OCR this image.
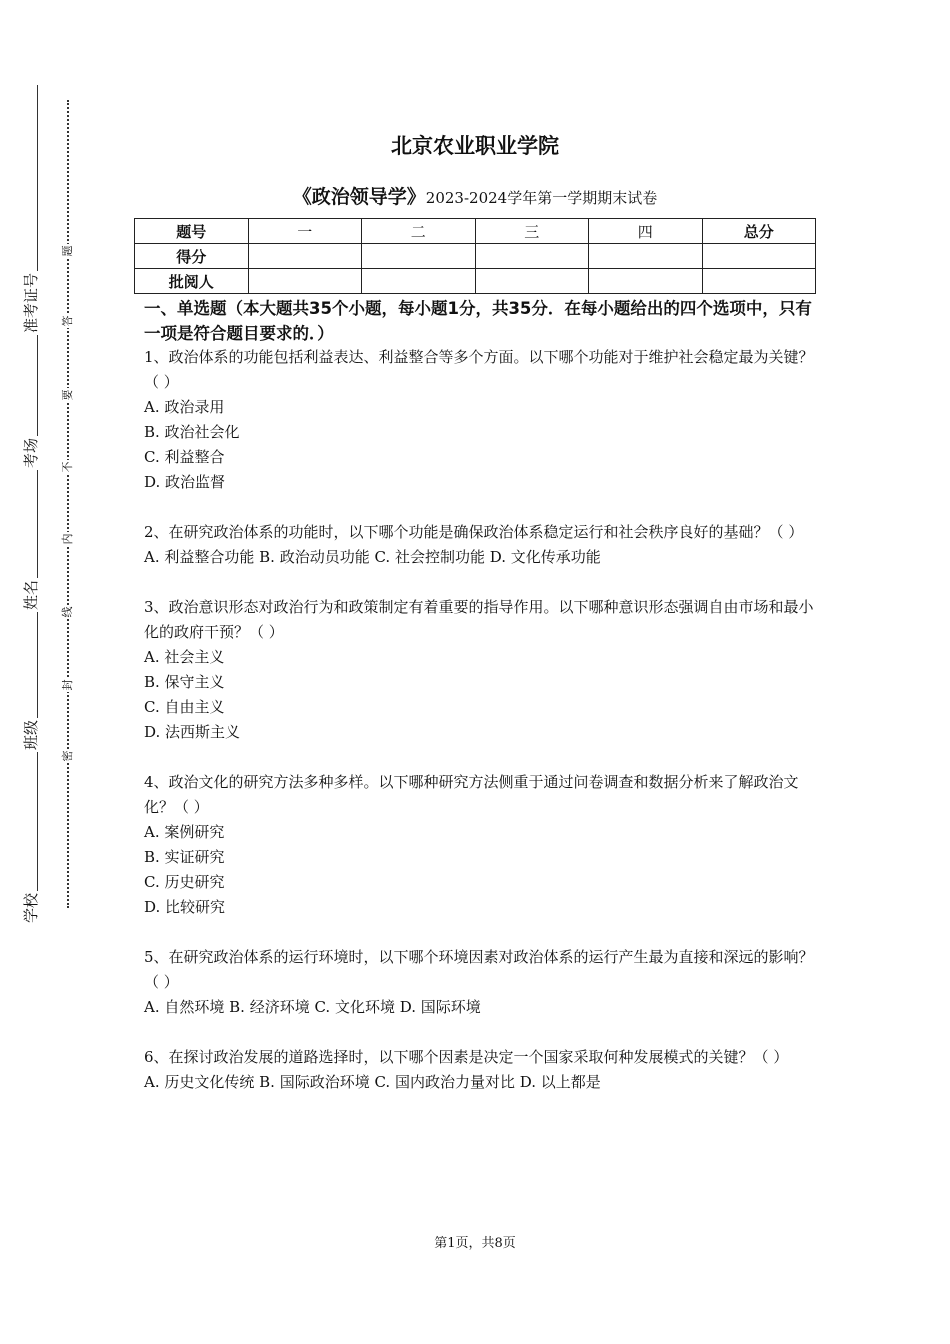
准考证号
考场
姓名
班级
学校
题
答
要
不
内
线
封
密
北京农业职业学院
《政治领导学》2023-2024学年第一学期期末试卷
题号	一	二	三	四	总分
得分					
批阅人					
一、单选题（本大题共35个小题，每小题1分，共35分．在每小题给出的四个选项中，只有一项是符合题目要求的．）

1、政治体系的功能包括利益表达、利益整合等多个方面。以下哪个功能对于维护社会稳定最为关键？（ ）

A. 政治录用

B. 政治社会化

C. 利益整合

D. 政治监督

2、在研究政治体系的功能时，以下哪个功能是确保政治体系稳定运行和社会秩序良好的基础？（ ）

A. 利益整合功能 B. 政治动员功能 C. 社会控制功能 D. 文化传承功能

3、政治意识形态对政治行为和政策制定有着重要的指导作用。以下哪种意识形态强调自由市场和最小化的政府干预？（ ）

A. 社会主义

B. 保守主义

C. 自由主义

D. 法西斯主义

4、政治文化的研究方法多种多样。以下哪种研究方法侧重于通过问卷调查和数据分析来了解政治文化？（ ）

A. 案例研究

B. 实证研究

C. 历史研究

D. 比较研究

5、在研究政治体系的运行环境时，以下哪个环境因素对政治体系的运行产生最为直接和深远的影响？（ ）

A. 自然环境 B. 经济环境 C. 文化环境 D. 国际环境

6、在探讨政治发展的道路选择时，以下哪个因素是决定一个国家采取何种发展模式的关键？（ ）

A. 历史文化传统 B. 国际政治环境 C. 国内政治力量对比 D. 以上都是

第1页，共8页
